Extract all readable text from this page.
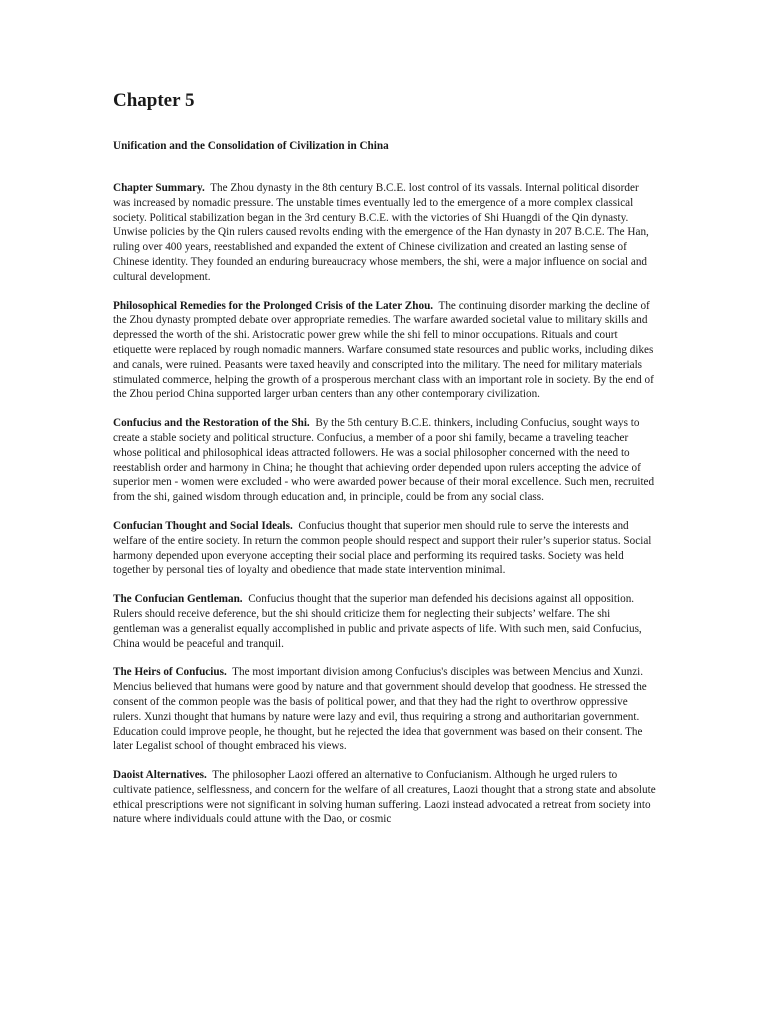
Chapter 5
Unification and the Consolidation of Civilization in China

Chapter Summary. The Zhou dynasty in the 8th century B.C.E. lost control of its vassals. Internal political disorder was increased by nomadic pressure. The unstable times eventually led to the emergence of a more complex classical society. Political stabilization began in the 3rd century B.C.E. with the victories of Shi Huangdi of the Qin dynasty. Unwise policies by the Qin rulers caused revolts ending with the emergence of the Han dynasty in 207 B.C.E. The Han, ruling over 400 years, reestablished and expanded the extent of Chinese civilization and created an lasting sense of Chinese identity. They founded an enduring bureaucracy whose members, the shi, were a major influence on social and cultural development.

Philosophical Remedies for the Prolonged Crisis of the Later Zhou. The continuing disorder marking the decline of the Zhou dynasty prompted debate over appropriate remedies. The warfare awarded societal value to military skills and depressed the worth of the shi. Aristocratic power grew while the shi fell to minor occupations. Rituals and court etiquette were replaced by rough nomadic manners. Warfare consumed state resources and public works, including dikes and canals, were ruined. Peasants were taxed heavily and conscripted into the military. The need for military materials stimulated commerce, helping the growth of a prosperous merchant class with an important role in society. By the end of the Zhou period China supported larger urban centers than any other contemporary civilization.

Confucius and the Restoration of the Shi. By the 5th century B.C.E. thinkers, including Confucius, sought ways to create a stable society and political structure. Confucius, a member of a poor shi family, became a traveling teacher whose political and philosophical ideas attracted followers. He was a social philosopher concerned with the need to reestablish order and harmony in China; he thought that achieving order depended upon rulers accepting the advice of superior men - women were excluded - who were awarded power because of their moral excellence. Such men, recruited from the shi, gained wisdom through education and, in principle, could be from any social class.

Confucian Thought and Social Ideals. Confucius thought that superior men should rule to serve the interests and welfare of the entire society. In return the common people should respect and support their ruler’s superior status. Social harmony depended upon everyone accepting their social place and performing its required tasks. Society was held together by personal ties of loyalty and obedience that made state intervention minimal.

The Confucian Gentleman. Confucius thought that the superior man defended his decisions against all opposition. Rulers should receive deference, but the shi should criticize them for neglecting their subjects’ welfare. The shi gentleman was a generalist equally accomplished in public and private aspects of life. With such men, said Confucius, China would be peaceful and tranquil.

The Heirs of Confucius. The most important division among Confucius's disciples was between Mencius and Xunzi. Mencius believed that humans were good by nature and that government should develop that goodness. He stressed the consent of the common people was the basis of political power, and that they had the right to overthrow oppressive rulers. Xunzi thought that humans by nature were lazy and evil, thus requiring a strong and authoritarian government. Education could improve people, he thought, but he rejected the idea that government was based on their consent. The later Legalist school of thought embraced his views.

Daoist Alternatives. The philosopher Laozi offered an alternative to Confucianism. Although he urged rulers to cultivate patience, selflessness, and concern for the welfare of all creatures, Laozi thought that a strong state and absolute ethical prescriptions were not significant in solving human suffering. Laozi instead advocated a retreat from society into nature where individuals could attune with the Dao, or cosmic
